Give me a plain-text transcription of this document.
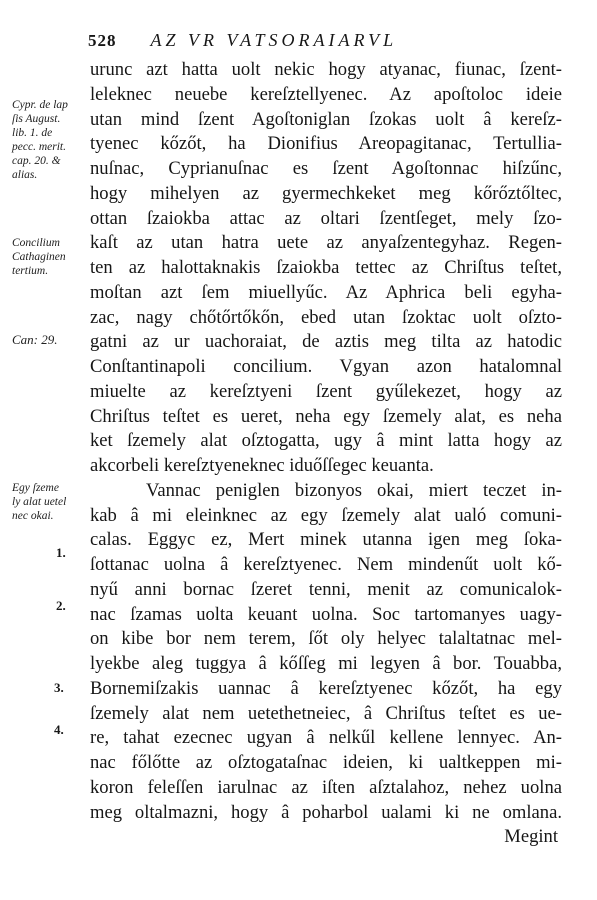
528 AZ VR VATSORAIARVL
Cypr. de lap
ſis August.
lib. 1. de
pecc. merit.
cap. 20. &
alias.
Concilium
Cathaginen
tertium.
Can: 29.
Egy ſzeme
ly alat uetel
nec okai.
1.
2.
3.
4.
urunc azt hatta uolt nekic hogy atyanac, fiunac, ſzent-
leleknec neuebe kereſztellyenec. Az apoſtoloc ideie
utan mind ſzent Agoſtoniglan ſzokas uolt â kereſz-
tyenec kőzőt, ha Dionifius Areopagitanac, Tertullia-
nuſnac, Cyprianuſnac es ſzent Agoſtonnac hiſzűnc,
hogy mihelyen az gyermechkeket meg kőrőztőltec,
ottan ſzaiokba attac az oltari ſzentſeget, mely ſzo-
kaſt az utan hatra uete az anyaſzentegyhaz. Regen-
ten az halottaknakis ſzaiokba tettec az Chriſtus teſtet,
moſtan azt ſem miuellyűc. Az Aphrica beli egyha-
zac, nagy chőtőrtőkőn, ebed utan ſzoktac uolt oſzto-
gatni az ur uachoraiat, de aztis meg tilta az hatodic
Conſtantinapoli concilium. Vgyan azon hatalomnal
miuelte az kereſztyeni ſzent gyűlekezet, hogy az
Chriſtus teſtet es ueret, neha egy ſzemely alat, es neha
ket ſzemely alat oſztogatta, ugy â mint latta hogy az
akcorbeli kereſztyeneknec iduőſſegec keuanta.
Vannac peniglen bizonyos okai, miert teczet in-
kab â mi eleinknec az egy ſzemely alat ualó comuni-
calas. Eggyc ez, Mert minek utanna igen meg ſoka-
ſottanac uolna â kereſztyenec. Nem mindenűt uolt kő-
nyű anni bornac ſzeret tenni, menit az comunicalok-
nac ſzamas uolta keuant uolna. Soc tartomanyes uagy-
on kibe bor nem terem, ſőt oly helyec talaltatnac mel-
lyekbe aleg tuggya â kőſſeg mi legyen â bor. Touabba,
Bornemiſzakis uannac â kereſztyenec kőzőt, ha egy
ſzemely alat nem uetethetneiec, â Chriſtus teſtet es ue-
re, tahat ezecnec ugyan â nelkűl kellene lennyec. An-
nac főlőtte az oſztogataſnac ideien, ki ualtkeppen mi-
koron feleſſen iarulnac az iſten aſztalahoz, nehez uolna
meg oltalmazni, hogy â poharbol ualami ki ne omlana.
Megint
